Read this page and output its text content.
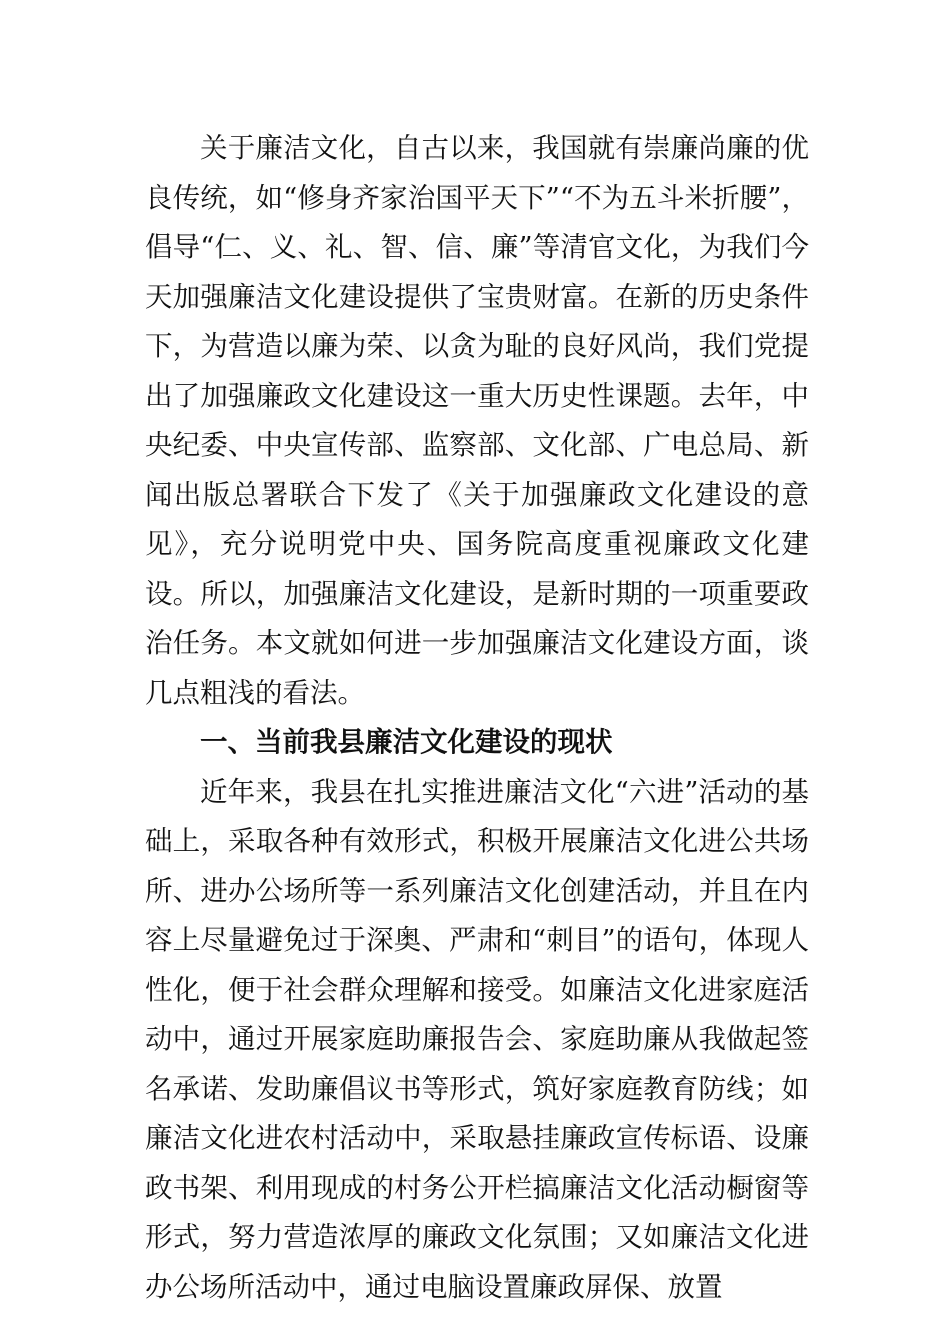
关于廉洁文化，自古以来，我国就有崇廉尚廉的优良传统，如“修身齐家治国平天下”“不为五斗米折腰”，倡导“仁、义、礼、智、信、廉”等清官文化，为我们今天加强廉洁文化建设提供了宝贵财富。在新的历史条件下，为营造以廉为荣、以贪为耻的良好风尚，我们党提出了加强廉政文化建设这一重大历史性课题。去年，中央纪委、中央宣传部、监察部、文化部、广电总局、新闻出版总署联合下发了《关于加强廉政文化建设的意见》，充分说明党中央、国务院高度重视廉政文化建设。所以，加强廉洁文化建设，是新时期的一项重要政治任务。本文就如何进一步加强廉洁文化建设方面，谈几点粗浅的看法。

一、当前我县廉洁文化建设的现状

近年来，我县在扎实推进廉洁文化“六进”活动的基础上，采取各种有效形式，积极开展廉洁文化进公共场所、进办公场所等一系列廉洁文化创建活动，并且在内容上尽量避免过于深奥、严肃和“刺目”的语句，体现人性化，便于社会群众理解和接受。如廉洁文化进家庭活动中，通过开展家庭助廉报告会、家庭助廉从我做起签名承诺、发助廉倡议书等形式，筑好家庭教育防线；如廉洁文化进农村活动中，采取悬挂廉政宣传标语、设廉政书架、利用现成的村务公开栏搞廉洁文化活动橱窗等形式，努力营造浓厚的廉政文化氛围；又如廉洁文化进办公场所活动中，通过电脑设置廉政屏保、放置
